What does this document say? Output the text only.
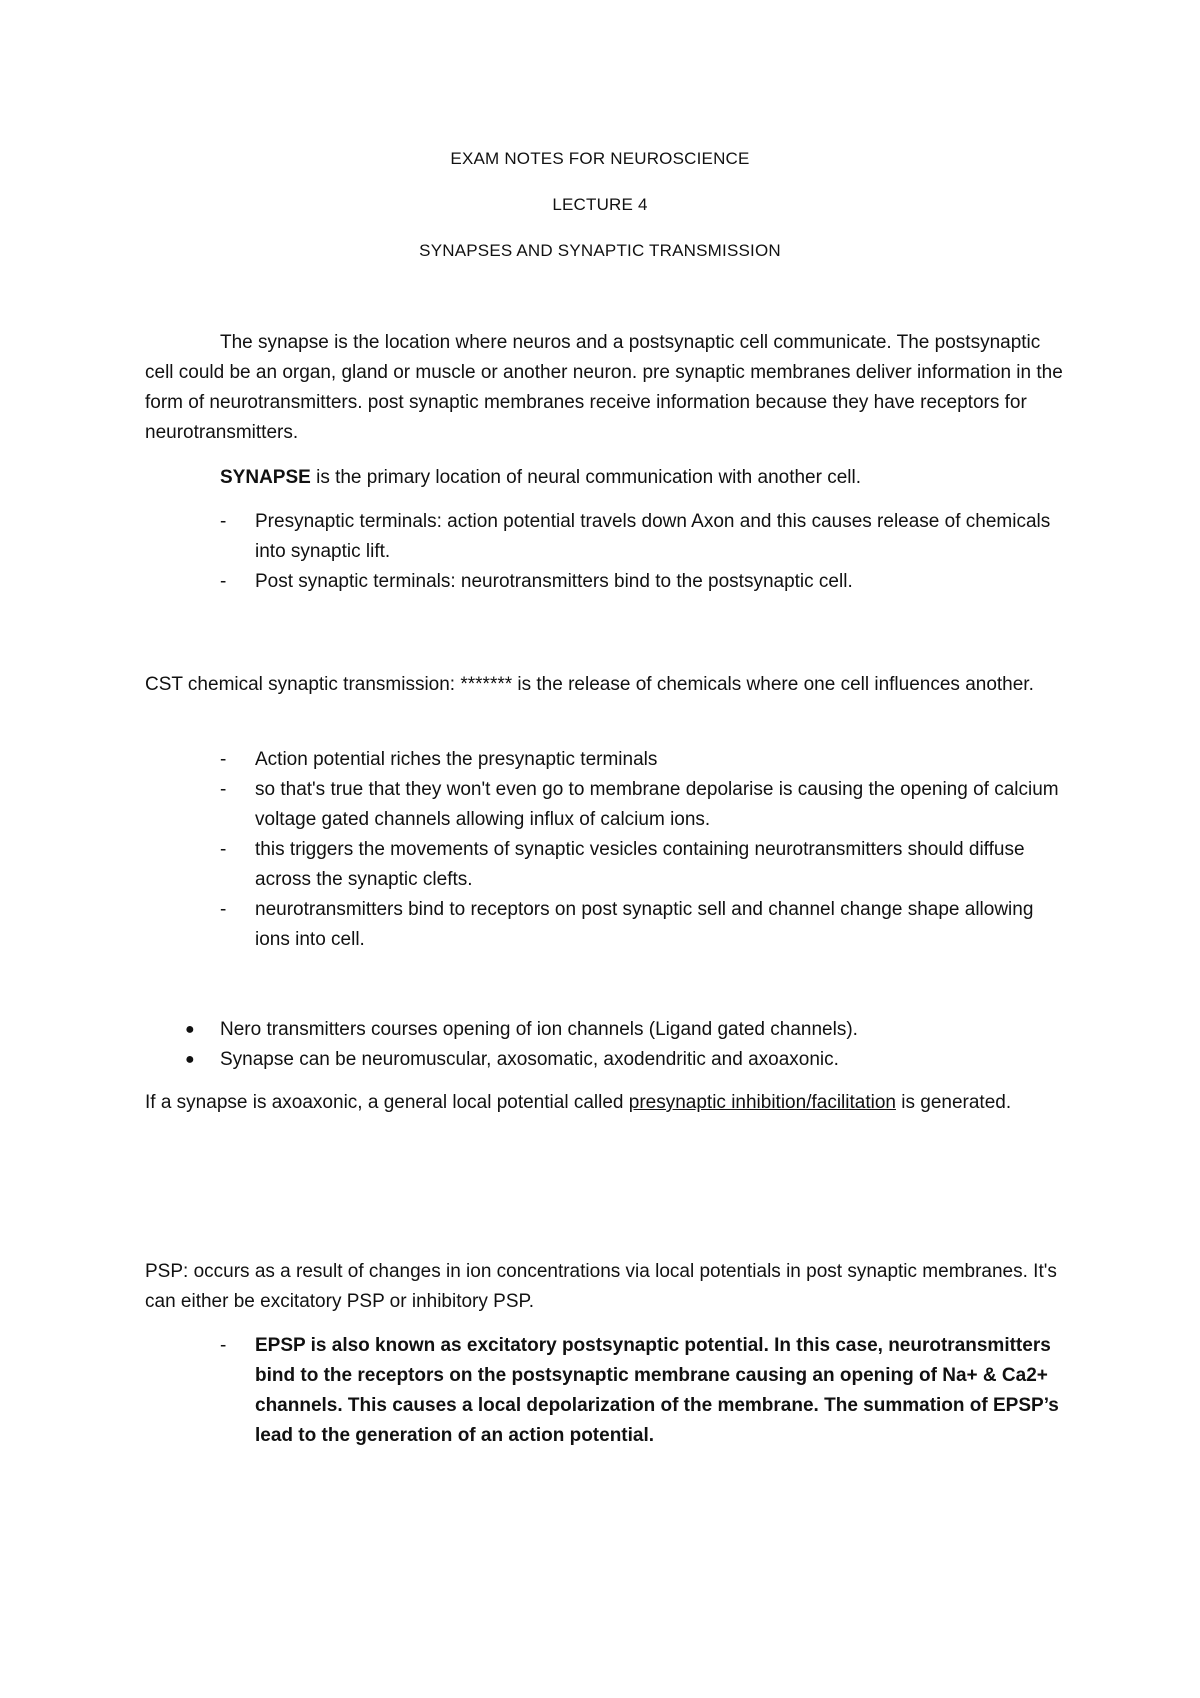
EXAM NOTES FOR NEUROSCIENCE
LECTURE 4
SYNAPSES AND SYNAPTIC TRANSMISSION
The synapse is the location where neuros and a postsynaptic cell communicate. The postsynaptic cell could be an organ, gland or muscle or another neuron. pre synaptic membranes deliver information in the form of neurotransmitters. post synaptic membranes receive information because they have receptors for neurotransmitters.
SYNAPSE is the primary location of neural communication with another cell.
- Presynaptic terminals: action potential travels down Axon and this causes release of chemicals into synaptic lift.
- Post synaptic terminals: neurotransmitters bind to the postsynaptic cell.
CST chemical synaptic transmission: ******* is the release of chemicals where one cell influences another.
- Action potential riches the presynaptic terminals
- so that's true that they won't even go to membrane depolarise is causing the opening of calcium voltage gated channels allowing influx of calcium ions.
- this triggers the movements of synaptic vesicles containing neurotransmitters should diffuse across the synaptic clefts.
- neurotransmitters bind to receptors on post synaptic sell and channel change shape allowing ions into cell.
● Nero transmitters courses opening of ion channels (Ligand gated channels).
● Synapse can be neuromuscular, axosomatic, axodendritic and axoaxonic.
If a synapse is axoaxonic, a general local potential called presynaptic inhibition/facilitation is generated.
PSP: occurs as a result of changes in ion concentrations via local potentials in post synaptic membranes. It's can either be excitatory PSP or inhibitory PSP.
- EPSP is also known as excitatory postsynaptic potential. In this case, neurotransmitters bind to the receptors on the postsynaptic membrane causing an opening of Na+ & Ca2+ channels. This causes a local depolarization of the membrane. The summation of EPSP’s lead to the generation of an action potential.
